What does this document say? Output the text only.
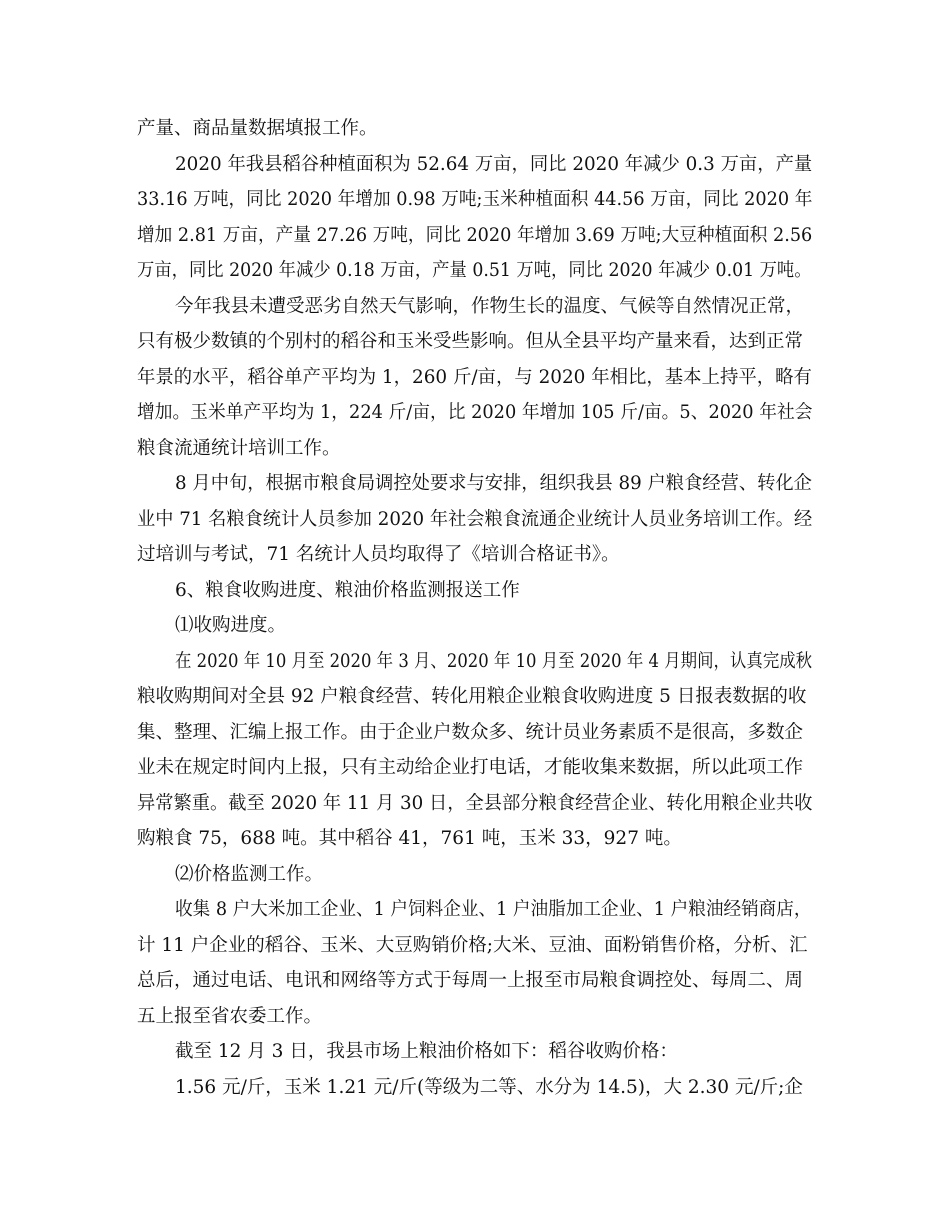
产量、商品量数据填报工作。

2020 年我县稻谷种植面积为 52.64 万亩，同比 2020 年减少 0.3 万亩，产量

33.16 万吨，同比 2020 年增加 0.98 万吨;玉米种植面积 44.56 万亩，同比 2020 年

增加 2.81 万亩，产量 27.26 万吨，同比 2020 年增加 3.69 万吨;大豆种植面积 2.56

万亩，同比 2020 年减少 0.18 万亩，产量 0.51 万吨，同比 2020 年减少 0.01 万吨。

今年我县未遭受恶劣自然天气影响，作物生长的温度、气候等自然情况正常，

只有极少数镇的个别村的稻谷和玉米受些影响。但从全县平均产量来看，达到正常

年景的水平，稻谷单产平均为 1，260 斤/亩，与 2020 年相比，基本上持平，略有

增加。玉米单产平均为 1，224 斤/亩，比 2020 年增加 105 斤/亩。5、2020 年社会

粮食流通统计培训工作。

8 月中旬，根据市粮食局调控处要求与安排，组织我县 89 户粮食经营、转化企

业中 71 名粮食统计人员参加 2020 年社会粮食流通企业统计人员业务培训工作。经

过培训与考试，71 名统计人员均取得了《培训合格证书》。

6、粮食收购进度、粮油价格监测报送工作

⑴收购进度。

在 2020 年 10 月至 2020 年 3 月、2020 年 10 月至 2020 年 4 月期间，认真完成秋

粮收购期间对全县 92 户粮食经营、转化用粮企业粮食收购进度 5 日报表数据的收

集、整理、汇编上报工作。由于企业户数众多、统计员业务素质不是很高，多数企

业未在规定时间内上报，只有主动给企业打电话，才能收集来数据，所以此项工作

异常繁重。截至 2020 年 11 月 30 日，全县部分粮食经营企业、转化用粮企业共收

购粮食 75，688 吨。其中稻谷 41，761 吨，玉米 33，927 吨。

⑵价格监测工作。

收集 8 户大米加工企业、1 户饲料企业、1 户油脂加工企业、1 户粮油经销商店，

计 11 户企业的稻谷、玉米、大豆购销价格;大米、豆油、面粉销售价格，分析、汇

总后，通过电话、电讯和网络等方式于每周一上报至市局粮食调控处、每周二、周

五上报至省农委工作。

截至 12 月 3 日，我县市场上粮油价格如下：稻谷收购价格：

1.56 元/斤，玉米 1.21 元/斤(等级为二等、水分为 14.5)，大 2.30 元/斤;企
